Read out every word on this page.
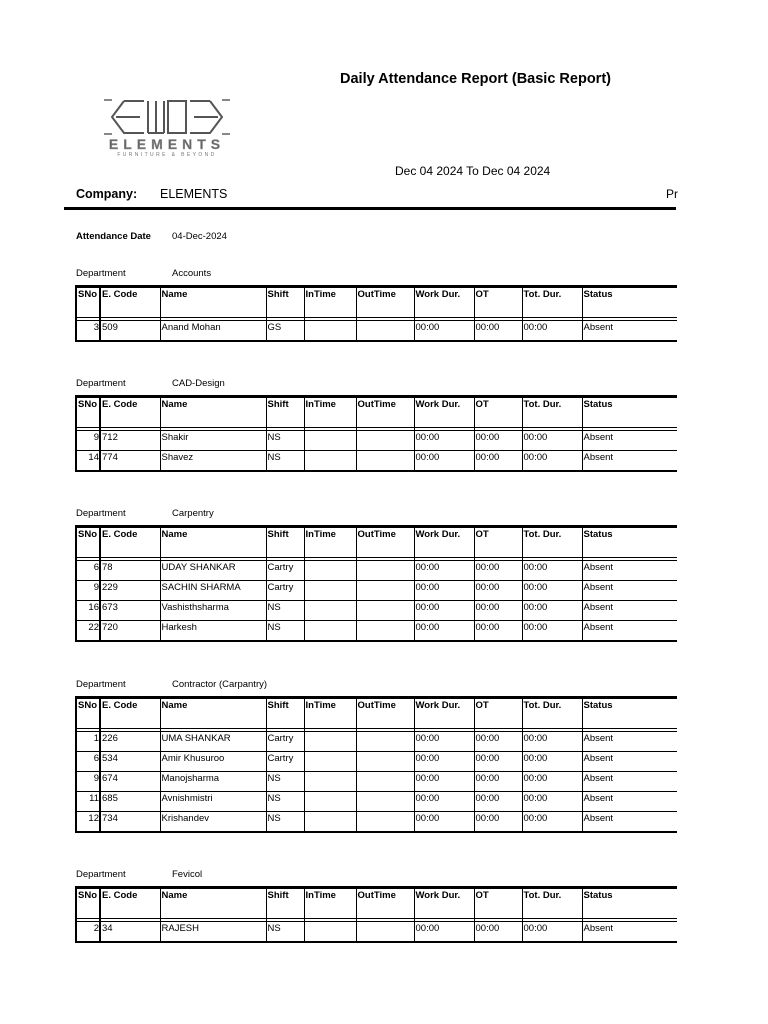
Daily Attendance Report (Basic Report)
ELEMENTS
FURNITURE & BEYOND
Dec 04 2024 To Dec 04 2024
Company: ELEMENTS	Pr
Attendance Date 04-Dec-2024
Department	Accounts
SNo	E. Code	Name	Shift	InTime	OutTime	Work Dur.	OT	Tot. Dur.	Status

3	509	Anand Mohan	GS			00:00	00:00	00:00	Absent
Department	CAD-Design
SNo	E. Code	Name	Shift	InTime	OutTime	Work Dur.	OT	Tot. Dur.	Status

9	712	Shakir	NS			00:00	00:00	00:00	Absent
14	774	Shavez	NS			00:00	00:00	00:00	Absent
Department	Carpentry
SNo	E. Code	Name	Shift	InTime	OutTime	Work Dur.	OT	Tot. Dur.	Status

6	78	UDAY SHANKAR	Cartry			00:00	00:00	00:00	Absent
9	229	SACHIN SHARMA	Cartry			00:00	00:00	00:00	Absent
16	673	Vashisthsharma	NS			00:00	00:00	00:00	Absent
22	720	Harkesh	NS			00:00	00:00	00:00	Absent
Department	Contractor (Carpantry)
SNo	E. Code	Name	Shift	InTime	OutTime	Work Dur.	OT	Tot. Dur.	Status

1	226	UMA SHANKAR	Cartry			00:00	00:00	00:00	Absent
6	534	Amir Khusuroo	Cartry			00:00	00:00	00:00	Absent
9	674	Manojsharma	NS			00:00	00:00	00:00	Absent
11	685	Avnishmistri	NS			00:00	00:00	00:00	Absent
12	734	Krishandev	NS			00:00	00:00	00:00	Absent
Department	Fevicol
SNo	E. Code	Name	Shift	InTime	OutTime	Work Dur.	OT	Tot. Dur.	Status

2	34	RAJESH	NS			00:00	00:00	00:00	Absent
